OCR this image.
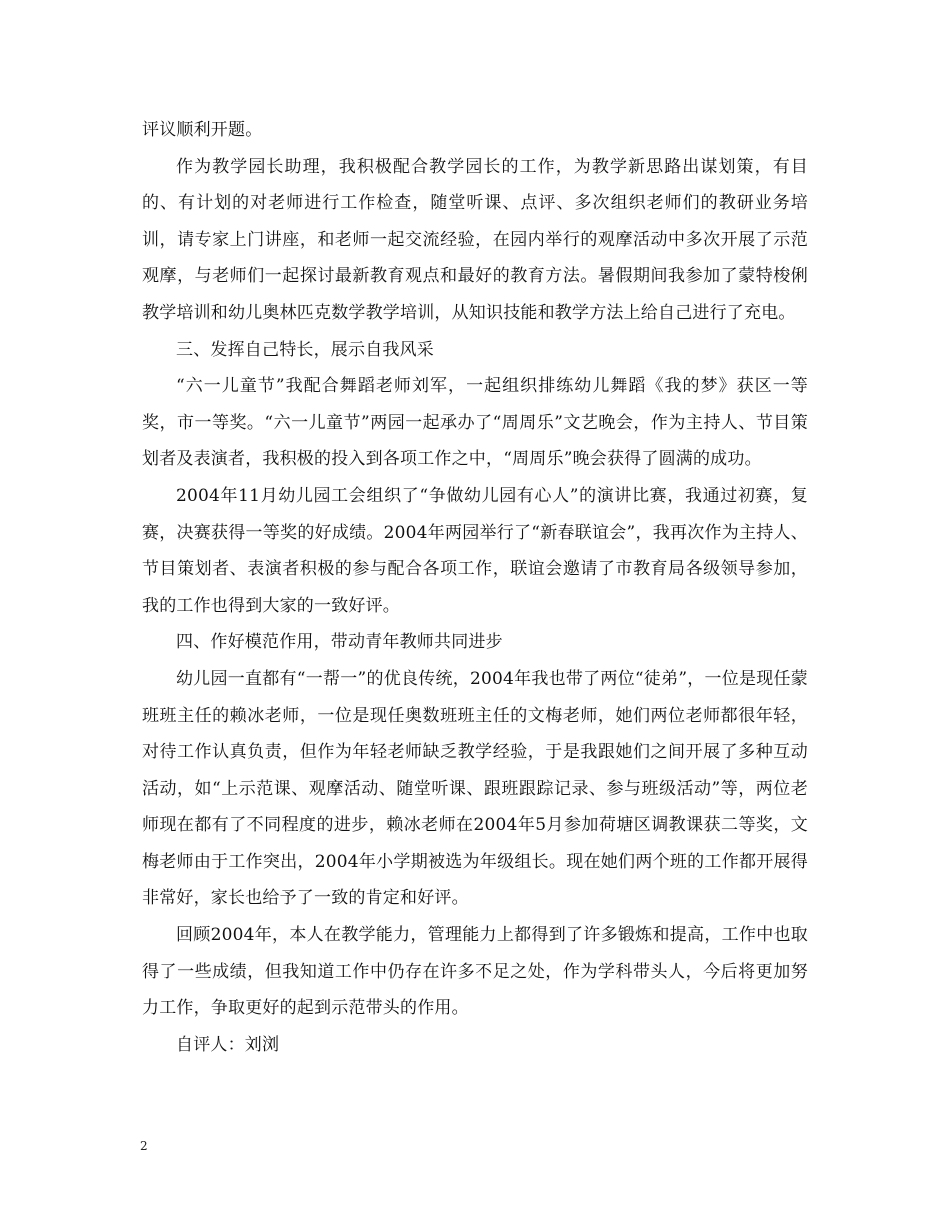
评议顺利开题。

作为教学园长助理，我积极配合教学园长的工作，为教学新思路出谋划策，有目的、有计划的对老师进行工作检查，随堂听课、点评、多次组织老师们的教研业务培训，请专家上门讲座，和老师一起交流经验，在园内举行的观摩活动中多次开展了示范观摩，与老师们一起探讨最新教育观点和最好的教育方法。暑假期间我参加了蒙特梭俐教学培训和幼儿奥林匹克数学教学培训，从知识技能和教学方法上给自己进行了充电。

三、发挥自己特长，展示自我风采

“六一儿童节”我配合舞蹈老师刘军，一起组织排练幼儿舞蹈《我的梦》获区一等奖，市一等奖。“六一儿童节”两园一起承办了“周周乐”文艺晚会，作为主持人、节目策划者及表演者，我积极的投入到各项工作之中，“周周乐”晚会获得了圆满的成功。

2004年11月幼儿园工会组织了“争做幼儿园有心人”的演讲比赛，我通过初赛，复赛，决赛获得一等奖的好成绩。2004年两园举行了“新春联谊会”，我再次作为主持人、节目策划者、表演者积极的参与配合各项工作，联谊会邀请了市教育局各级领导参加，我的工作也得到大家的一致好评。

四、作好模范作用，带动青年教师共同进步

幼儿园一直都有“一帮一”的优良传统，2004年我也带了两位“徒弟”，一位是现任蒙班班主任的赖冰老师，一位是现任奥数班班主任的文梅老师，她们两位老师都很年轻，对待工作认真负责，但作为年轻老师缺乏教学经验，于是我跟她们之间开展了多种互动活动，如“上示范课、观摩活动、随堂听课、跟班跟踪记录、参与班级活动”等，两位老师现在都有了不同程度的进步，赖冰老师在2004年5月参加荷塘区调教课获二等奖，文梅老师由于工作突出，2004年小学期被选为年级组长。现在她们两个班的工作都开展得非常好，家长也给予了一致的肯定和好评。

回顾2004年，本人在教学能力，管理能力上都得到了许多锻炼和提高，工作中也取得了一些成绩，但我知道工作中仍存在许多不足之处，作为学科带头人，今后将更加努力工作，争取更好的起到示范带头的作用。

自评人：刘浏

2
